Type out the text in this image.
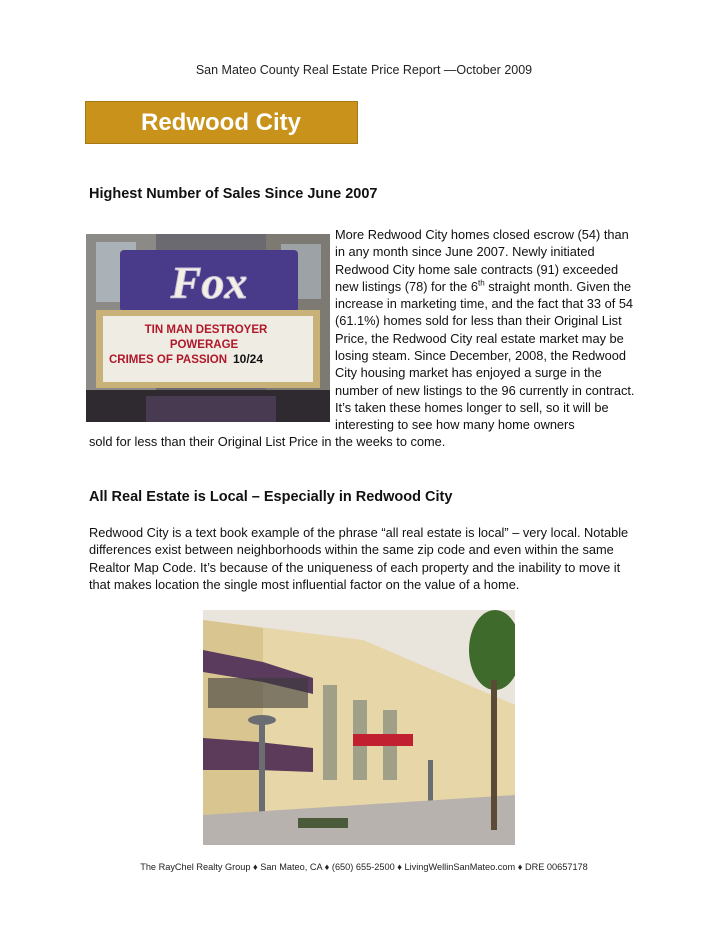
San Mateo County Real Estate Price Report —October 2009
Redwood City
Highest Number of Sales Since June 2007
Fox
TIN MAN DESTROYER
POWERAGE
CRIMES OF PASSION 10/24
More Redwood City homes closed escrow (54) than in any month since June 2007. Newly initiated Redwood City home sale contracts (91) exceeded new listings (78) for the 6th straight month. Given the increase in marketing time, and the fact that 33 of 54 (61.1%) homes sold for less than their Original List Price, the Redwood City real estate market may be losing steam. Since December, 2008, the Redwood City housing market has enjoyed a surge in the number of new listings to the 96 currently in contract. It’s taken these homes longer to sell, so it will be interesting to see how many home owners
sold for less than their Original List Price in the weeks to come.
All Real Estate is Local – Especially in Redwood City
Redwood City is a text book example of the phrase “all real estate is local” – very local. Notable differences exist between neighborhoods within the same zip code and even within the same Realtor Map Code. It’s because of the uniqueness of each property and the inability to move it that makes location the single most influential factor on the value of a home.
The RayChel Realty Group ♦ San Mateo, CA ♦ (650) 655-2500 ♦ LivingWellinSanMateo.com ♦ DRE 00657178
